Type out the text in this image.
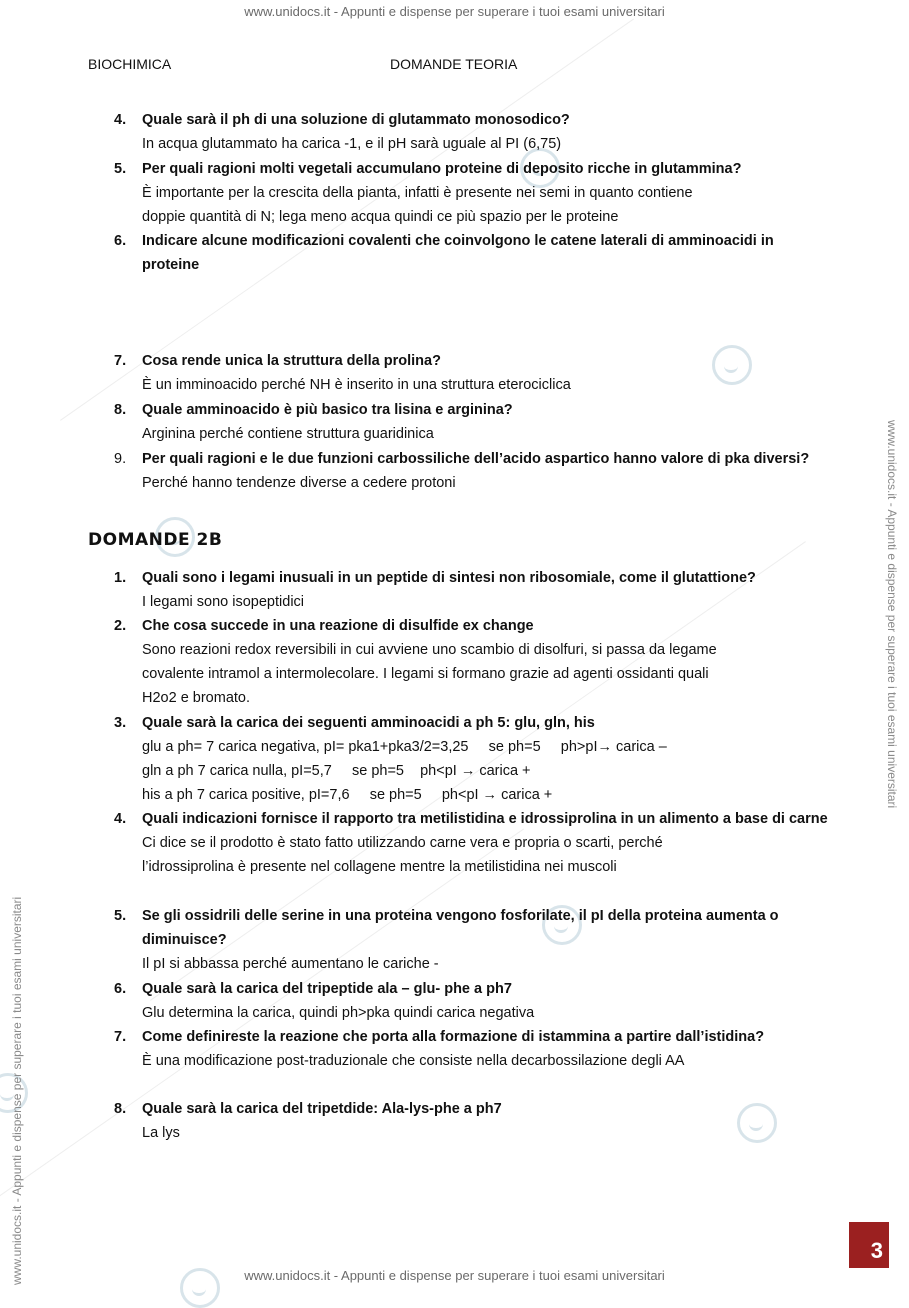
www.unidocs.it - Appunti e dispense per superare i tuoi esami universitari
www.unidocs.it - Appunti e dispense per superare i tuoi esami universitari
www.unidocs.it - Appunti e dispense per superare i tuoi esami universitari
www.unidocs.it - Appunti e dispense per superare i tuoi esami universitari
BIOCHIMICA	DOMANDE TEORIA
4.	Quale sarà il ph di una soluzione di glutammato monosodico?
In acqua glutammato ha carica -1, e il pH sarà uguale al PI (6,75)
5.	Per quali ragioni molti vegetali accumulano proteine di deposito ricche in glutammina?
È importante per la crescita della pianta, infatti è presente nei semi in quanto contiene
doppie quantità di N; lega meno acqua quindi ce più spazio per le proteine
6.	Indicare alcune modificazioni covalenti che coinvolgono le catene laterali di amminoacidi in proteine
7.	Cosa rende unica la struttura della prolina?
È un imminoacido perché NH è inserito in una struttura eterociclica
8.	Quale amminoacido è più basico tra lisina e arginina?
Arginina perché contiene struttura guaridinica
9.	Per quali ragioni e le due funzioni carbossiliche dell’acido aspartico hanno valore di pka diversi?
Perché hanno tendenze diverse a cedere protoni
DOMANDE 2B
1.	Quali sono i legami inusuali in un peptide di sintesi non ribosomiale, come il glutattione?
I legami sono isopeptidici
2.	Che cosa succede in una reazione di disulfide ex change
Sono reazioni redox reversibili in cui avviene uno scambio di disolfuri, si passa da legame
covalente intramol a intermolecolare. I legami si formano grazie ad agenti ossidanti quali
H2o2 e bromato.
3.	Quale sarà la carica dei seguenti amminoacidi a ph 5: glu, gln, his
glu a ph= 7 carica negativa, pI= pka1+pka3/2=3,25     se ph=5     ph>pI→ carica –
gln a ph 7 carica nulla, pI=5,7     se ph=5    ph<pI → carica +
his a ph 7 carica positive, pI=7,6     se ph=5     ph<pI → carica +
4.	Quali indicazioni fornisce il rapporto tra metilistidina e idrossiprolina in un alimento a base di carne
Ci dice se il prodotto è stato fatto utilizzando carne vera e propria o scarti, perché
l’idrossiprolina è presente nel collagene mentre la metilistidina nei muscoli
5.	Se gli ossidrili delle serine in una proteina vengono fosforilate, il pI della proteina aumenta o diminuisce?
Il pI si abbassa perché aumentano le cariche -
6.	Quale sarà la carica del tripeptide ala – glu- phe a ph7
Glu determina la carica, quindi ph>pka quindi carica negativa
7.	Come definireste la reazione che porta alla formazione di istammina a partire dall’istidina?
È una modificazione post-traduzionale che consiste nella decarbossilazione degli AA
8.	Quale sarà la carica del tripetdide: Ala-lys-phe a ph7
La lys
3
